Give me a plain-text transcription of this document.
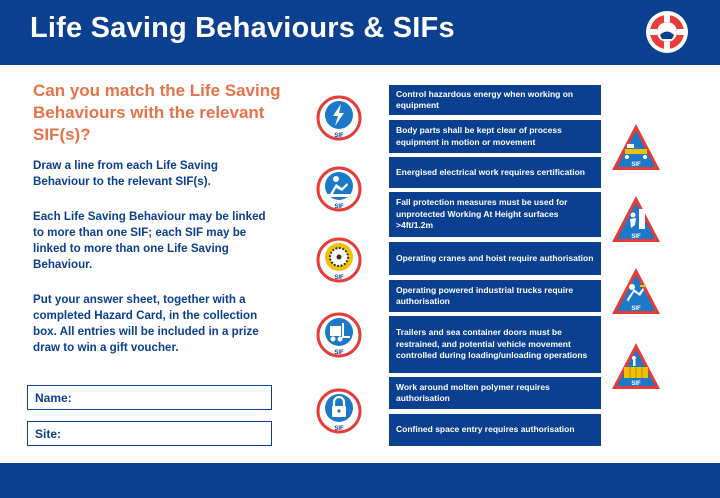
Life Saving Behaviours & SIFs
Can you match the Life Saving Behaviours with the relevant SIF(s)?
Draw a line from each Life Saving Behaviour to the relevant SIF(s).
Each Life Saving Behaviour may be linked to more than one SIF; each SIF may be linked to more than one Life Saving Behaviour.
Put your answer sheet, together with a completed Hazard Card, in the collection box. All entries will be included in a prize draw to win a gift voucher.
Name:
Site:
SIF
SIF
SIF
SIF
SIF
Control hazardous energy when working on equipment
Body parts shall be kept clear of process equipment in motion or movement
Energised electrical work requires certification
Fall protection measures must be used for unprotected Working At Height surfaces >4ft/1.2m
Operating cranes and hoist require authorisation
Operating powered industrial trucks require authorisation
Trailers and sea container doors must be restrained, and potential vehicle movement controlled during loading/unloading operations
Work around molten polymer requires authorisation
Confined space entry requires authorisation
SIF
SIF
SIF
SIF
